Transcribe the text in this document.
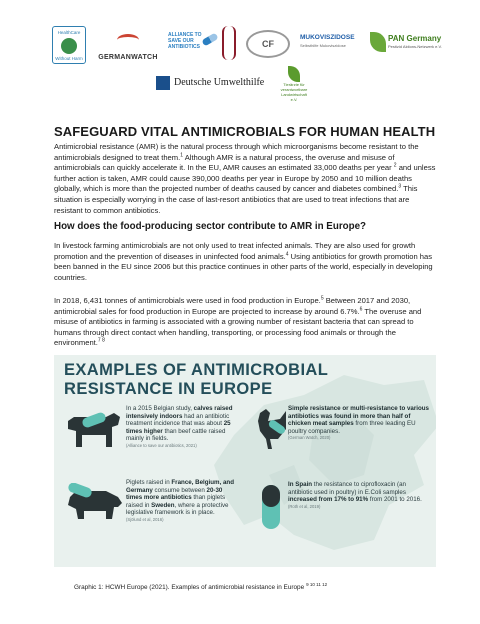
HealthCare
Without Harm	GERMANWATCH
ALLIANCE TO SAVE OUR ANTIBIOTICS	CF
MUKOVISZIDOSE
Selbsthilfe Mukoviszidose
PAN Germany
Pestizid Aktions-Netzwerk e.V.
Deutsche Umwelthilfe	Tierärzte für verantwortbare Landwirtschaft e.V.
SAFEGUARD VITAL ANTIMICROBIALS FOR HUMAN HEALTH

Antimicrobial resistance (AMR) is the natural process through which microorganisms become resistant to the antimicrobials designed to treat them.$^1$ Although AMR is a natural process, the overuse and misuse of antimicrobials can quickly accelerate it. In the EU, AMR causes an estimated 33,000 deaths per year $^2$ and unless further action is taken, AMR could cause 390,000 deaths per year in Europe by 2050 and 10 million deaths globally, which is more than the projected number of deaths caused by cancer and diabetes combined.$^3$ This situation is especially worrying in the case of last-resort antibiotics that are used to treat infections that are resistant to common antibiotics.

How does the food-producing sector contribute to AMR in Europe?

In livestock farming antimicrobials are not only used to treat infected animals. They are also used for growth promotion and the prevention of diseases in uninfected food animals.$^4$ Using antibiotics for growth promotion has been banned in the EU since 2006 but this practice continues in other parts of the world, especially in developing countries.

In 2018, 6,431 tonnes of antimicrobials were used in food production in Europe.$^5$ Between 2017 and 2030, antimicrobial sales for food production in Europe are projected to increase by around 6.7%.$^6$ The overuse and misuse of antibiotics in farming is associated with a growing number of resistant bacteria that can spread to humans through direct contact when handling, transporting, or processing food animals or through the environment.$^{7 8}$

EXAMPLES OF ANTIMICROBIAL
RESISTANCE IN EUROPE
In a 2015 Belgian study, calves raised intensively indoors had an antibiotic treatment incidence that was about 25 times higher than beef cattle raised mainly in fields.
(Alliance to save our antibiotics, 2021)
Simple resistance or multi-resistance to various antibiotics was found in more than half of chicken meat samples from three leading EU poultry companies.
(German Watch, 2020)
Piglets raised in France, Belgium, and Germany consume between 20-30 times more antibiotics than piglets raised in Sweden, where a protective legislative framework is in place.
(Sjölund et al, 2016)
In Spain the resistance to ciprofloxacin (an antibiotic used in poultry) in E.Coli samples increased from 17% to 91% from 2001 to 2016.
(Roth et al, 2019)
Graphic 1: HCWH Europe (2021). Examples of antimicrobial resistance in Europe $^{9 10 11 12}$
